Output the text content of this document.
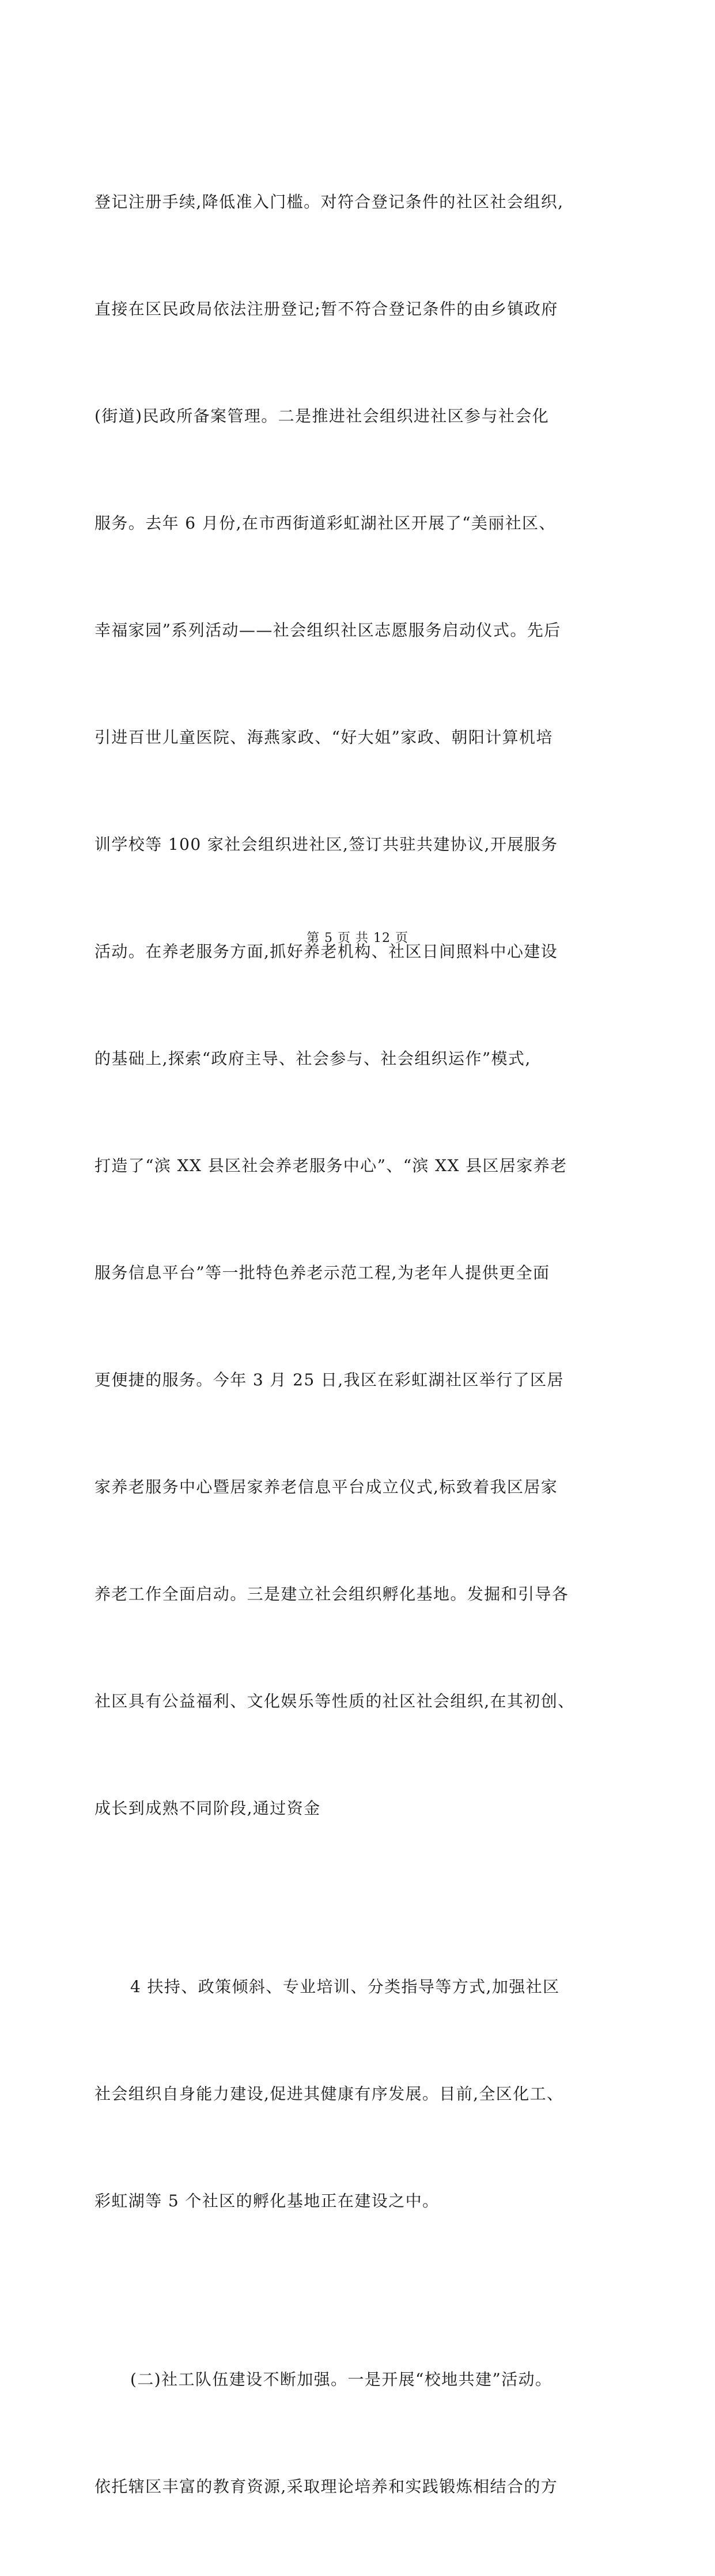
登记注册手续,降低准入门槛。对符合登记条件的社区社会组织,

直接在区民政局依法注册登记;暂不符合登记条件的由乡镇政府

(街道)民政所备案管理。二是推进社会组织进社区参与社会化

服务。去年 6 月份,在市西街道彩虹湖社区开展了“美丽社区、

幸福家园”系列活动——社会组织社区志愿服务启动仪式。先后

引进百世儿童医院、海燕家政、“好大姐”家政、朝阳计算机培

训学校等 100 家社会组织进社区,签订共驻共建协议,开展服务

活动。在养老服务方面,抓好养老机构、社区日间照料中心建设

的基础上,探索“政府主导、社会参与、社会组织运作”模式,

打造了“滨 XX 县区社会养老服务中心”、“滨 XX 县区居家养老

服务信息平台”等一批特色养老示范工程,为老年人提供更全面

更便捷的服务。今年 3 月 25 日,我区在彩虹湖社区举行了区居

家养老服务中心暨居家养老信息平台成立仪式,标致着我区居家

养老工作全面启动。三是建立社会组织孵化基地。发掘和引导各

社区具有公益福利、文化娱乐等性质的社区社会组织,在其初创、

成长到成熟不同阶段,通过资金

4 扶持、政策倾斜、专业培训、分类指导等方式,加强社区

社会组织自身能力建设,促进其健康有序发展。目前,全区化工、

彩虹湖等 5 个社区的孵化基地正在建设之中。

(二)社工队伍建设不断加强。一是开展“校地共建”活动。

依托辖区丰富的教育资源,采取理论培养和实践锻炼相结合的方

第 5 页 共 12 页
